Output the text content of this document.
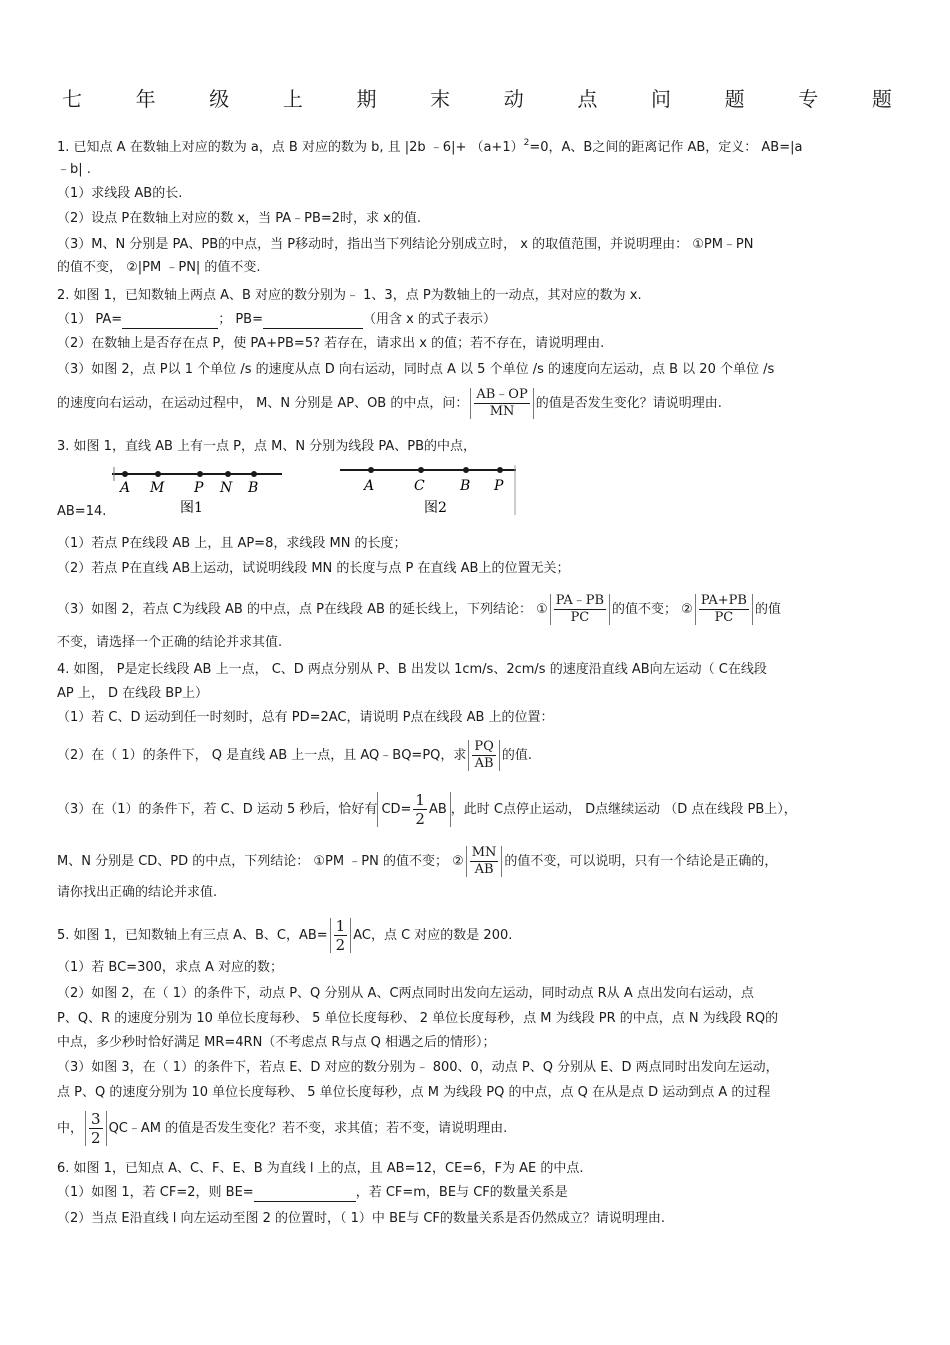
七	年	级	上	期	末	动	点	问	题	专	题
1. 已知点 A 在数轴上对应的数为 a，点 B 对应的数为 b, 且 |2b ﹣6|+ $(a+1)^2=0$，A、B之间的距离记作 AB，定义： AB=|a
﹣b| .
（1）求线段 AB的长.
（2）设点 P在数轴上对应的数 x，当 PA﹣PB=2时，求 x的值.
（3）M、N 分别是 PA、PB的中点，当 P移动时，指出当下列结论分别成立时， x 的取值范围，并说明理由： ①PM﹣PN
的值不变， ②|PM ﹣PN| 的值不变.
2. 如图 1，已知数轴上两点 A、B 对应的数分别为﹣ 1、3，点 P为数轴上的一动点，其对应的数为 x.
（1） PA=	； PB=	（用含 x 的式子表示）
（2）在数轴上是否存在点 P，使 PA+PB=5? 若存在，请求出 x 的值；若不存在，请说明理由.
（3）如图 2，点 P以 1 个单位 /s 的速度从点 D 向右运动，同时点 A 以 5 个单位 /s 的速度向左运动，点 B 以 20 个单位 /s
的速度向右运动，在运动过程中， M、N 分别是 AP、OB 的中点，问： $\frac{AB﹣OP}{MN}$ 的值是否发生变化？请说明理由.
3. 如图 1，直线 AB 上有一点 P，点 M、N 分别为线段 PA、PB的中点，
A M P N B
图1
A	C	B P
图2
AB=14.
（1）若点 P在线段 AB 上，且 AP=8，求线段 MN 的长度；
（2）若点 P在直线 AB上运动，试说明线段 MN 的长度与点 P 在直线 AB上的位置无关；
（3）如图 2，若点 C为线段 AB 的中点，点 P在线段 AB 的延长线上，下列结论： ① $\frac{PA﹣PB}{PC}$ 的值不变； ② $\frac{PA+PB}{PC}$ 的值
不变，请选择一个正确的结论并求其值.
4. 如图， P是定长线段 AB 上一点， C、D 两点分别从 P、B 出发以 1cm/s、2cm/s 的速度沿直线 AB向左运动（ C在线段
AP 上， D 在线段 BP上）
（1）若 C、D 运动到任一时刻时，总有 PD=2AC，请说明 P点在线段 AB 上的位置：
（2）在（ 1）的条件下， Q 是直线 AB 上一点，且 AQ﹣BQ=PQ，求 $\frac{PQ}{AB}$ 的值.
（3）在（1）的条件下，若 C、D 运动 5 秒后，恰好有 $CD= \frac{1}{2}$ AB ，此时 C点停止运动， D点继续运动 （D 点在线段 PB上），
M、N 分别是 CD、PD 的中点，下列结论： ①PM ﹣PN 的值不变； ② $\frac{MN}{AB}$ 的值不变，可以说明，只有一个结论是正确的，
请你找出正确的结论并求值.
5. 如图 1，已知数轴上有三点 A、B、C，$AB= \frac{1}{2}$ AC，点 C 对应的数是 200.
（1）若 BC=300，求点 A 对应的数；
（2）如图 2，在（ 1）的条件下，动点 P、Q 分别从 A、C两点同时出发向左运动，同时动点 R从 A 点出发向右运动，点
P、Q、R 的速度分别为 10 单位长度每秒、 5 单位长度每秒、 2 单位长度每秒，点 M 为线段 PR 的中点，点 N 为线段 RQ的
中点，多少秒时恰好满足 MR=4RN（不考虑点 R与点 Q 相遇之后的情形）；
（3）如图 3，在（ 1）的条件下，若点 E、D 对应的数分别为﹣ 800、0，动点 P、Q 分别从 E、D 两点同时出发向左运动，
点 P、Q 的速度分别为 10 单位长度每秒、 5 单位长度每秒，点 M 为线段 PQ 的中点，点 Q 在从是点 D 运动到点 A 的过程
中， $\frac{3}{2}$ QC﹣AM 的值是否发生变化？若不变，求其值；若不变，请说明理由.
6. 如图 1，已知点 A、C、F、E、B 为直线 l 上的点，且 AB=12，CE=6，F为 AE 的中点.
（1）如图 1，若 CF=2，则 BE=	，若 CF=m，BE与 CF的数量关系是
（2）当点 E沿直线 l 向左运动至图 2 的位置时，（ 1）中 BE与 CF的数量关系是否仍然成立？请说明理由.
